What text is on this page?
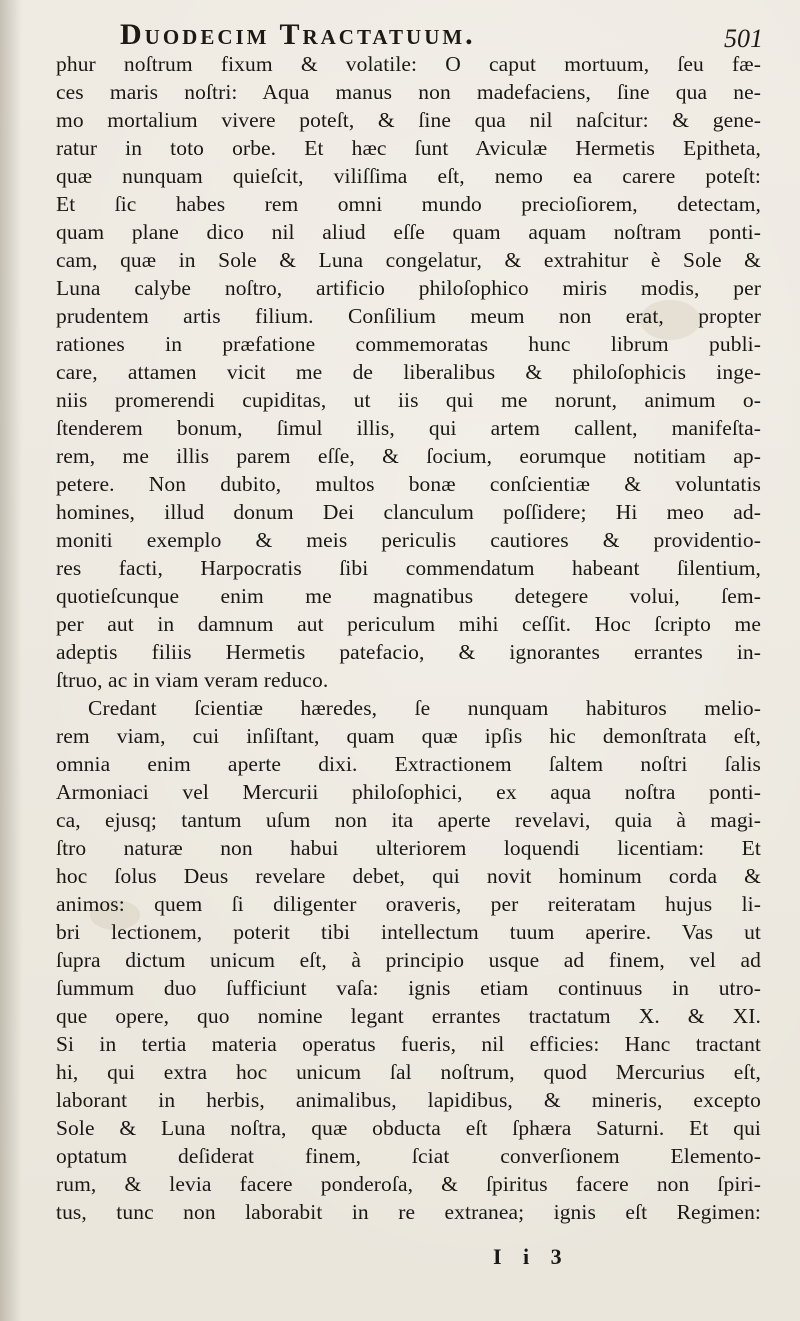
Duodecim Tractatuum.	501
phur noſtrum fixum & volatile: O caput mortuum, ſeu fæ-
ces maris noſtri: Aqua manus non madefaciens, ſine qua ne-
mo mortalium vivere poteſt, & ſine qua nil naſcitur: & gene-
ratur in toto orbe. Et hæc ſunt Aviculæ Hermetis Epitheta,
quæ nunquam quieſcit, viliſſima eſt, nemo ea carere poteſt:
Et ſic habes rem omni mundo precioſiorem, detectam,
quam plane dico nil aliud eſſe quam aquam noſtram ponti-
cam, quæ in Sole & Luna congelatur, & extrahitur è Sole &
Luna calybe noſtro, artificio philoſophico miris modis, per
prudentem artis filium. Conſilium meum non erat, propter
rationes in præfatione commemoratas hunc librum publi-
care, attamen vicit me de liberalibus & philoſophicis inge-
niis promerendi cupiditas, ut iis qui me norunt, animum o-
ſtenderem bonum, ſimul illis, qui artem callent, manifeſta-
rem, me illis parem eſſe, & ſocium, eorumque notitiam ap-
petere. Non dubito, multos bonæ conſcientiæ & voluntatis
homines, illud donum Dei clanculum poſſidere; Hi meo ad-
moniti exemplo & meis periculis cautiores & providentio-
res facti, Harpocratis ſibi commendatum habeant ſilentium,
quotieſcunque enim me magnatibus detegere volui, ſem-
per aut in damnum aut periculum mihi ceſſit. Hoc ſcripto me
adeptis filiis Hermetis patefacio, & ignorantes errantes in-
ſtruo, ac in viam veram reduco.
Credant ſcientiæ hæredes, ſe nunquam habituros melio-
rem viam, cui inſiſtant, quam quæ ipſis hic demonſtrata eſt,
omnia enim aperte dixi. Extractionem ſaltem noſtri ſalis
Armoniaci vel Mercurii philoſophici, ex aqua noſtra ponti-
ca, ejusq; tantum uſum non ita aperte revelavi, quia à magi-
ſtro naturæ non habui ulteriorem loquendi licentiam: Et
hoc ſolus Deus revelare debet, qui novit hominum corda &
animos: quem ſi diligenter oraveris, per reiteratam hujus li-
bri lectionem, poterit tibi intellectum tuum aperire. Vas ut
ſupra dictum unicum eſt, à principio usque ad finem, vel ad
ſummum duo ſufficiunt vaſa: ignis etiam continuus in utro-
que opere, quo nomine legant errantes tractatum X. & XI.
Si in tertia materia operatus fueris, nil efficies: Hanc tractant
hi, qui extra hoc unicum ſal noſtrum, quod Mercurius eſt,
laborant in herbis, animalibus, lapidibus, & mineris, excepto
Sole & Luna noſtra, quæ obducta eſt ſphæra Saturni. Et qui
optatum deſiderat finem, ſciat converſionem Elemento-
rum, & levia facere ponderoſa, & ſpiritus facere non ſpiri-
tus, tunc non laborabit in re extranea; ignis eſt Regimen:
I i 3
